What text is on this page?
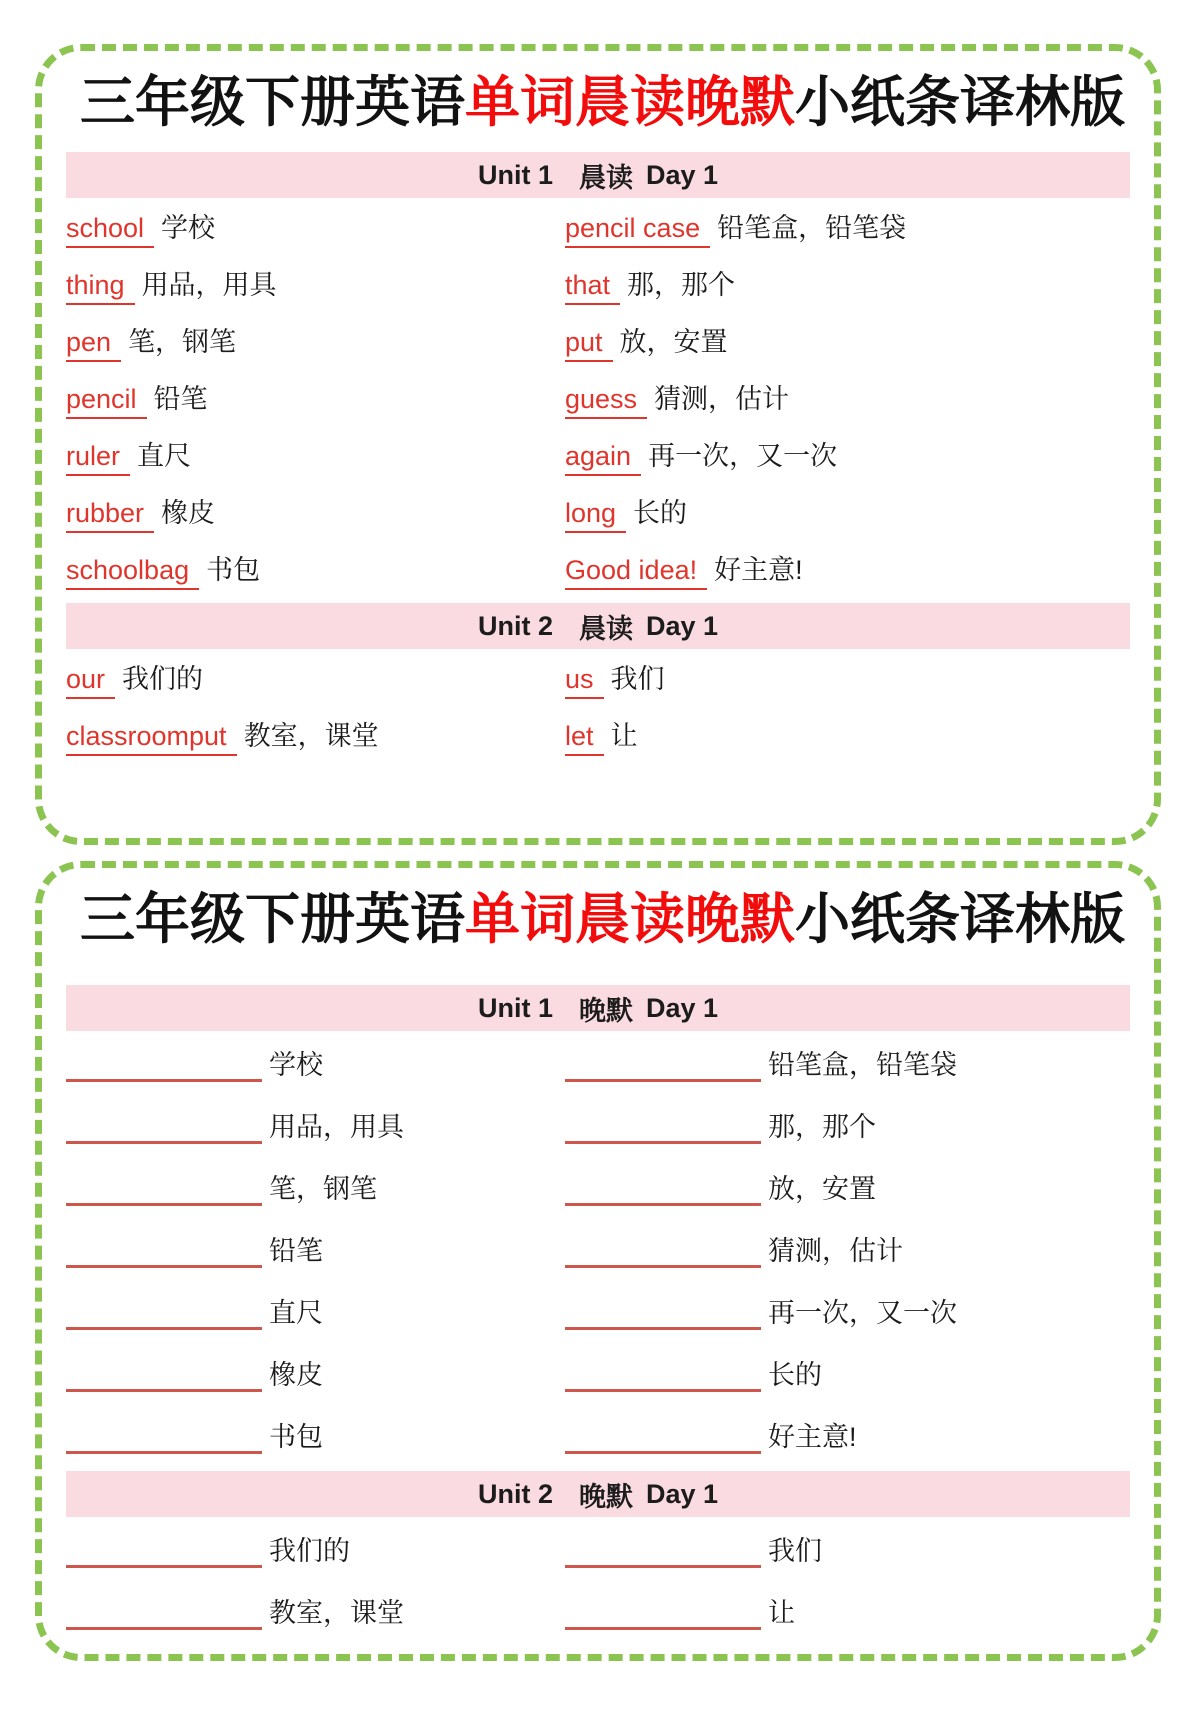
三年级下册英语单词晨读晚默小纸条译林版
Unit 1 晨读 Day 1
school 学校	pencil case 铅笔盒，铅笔袋
thing 用品，用具	that 那，那个
pen 笔，钢笔	put 放，安置
pencil 铅笔	guess 猜测，估计
ruler 直尺	again 再一次，又一次
rubber 橡皮	long 长的
schoolbag 书包	Good idea! 好主意!
Unit 2 晨读 Day 1
our 我们的	us 我们
classroomput 教室，课堂	let 让
三年级下册英语单词晨读晚默小纸条译林版
Unit 1 晚默 Day 1
学校	铅笔盒，铅笔袋
用品，用具	那，那个
笔，钢笔	放，安置
铅笔	猜测，估计
直尺	再一次，又一次
橡皮	长的
书包	好主意!
Unit 2 晚默 Day 1
我们的	我们
教室，课堂	让
